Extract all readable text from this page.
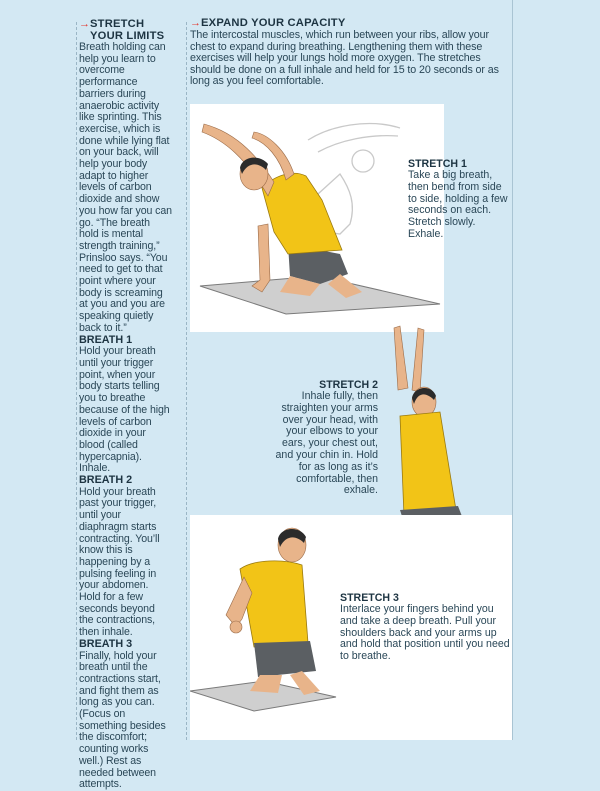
→ STRETCH YOUR LIMITS

Breath holding can help you learn to overcome performance barriers during anaerobic activity like sprinting. This exercise, which is done while lying flat on your back, will help your body adapt to higher levels of carbon dioxide and show you how far you can go. “The breath hold is mental strength training,” Prinsloo says. “You need to get to that point where your body is screaming at you and you are speaking quietly back to it.”

BREATH 1

Hold your breath until your trigger point, when your body starts telling you to breathe because of the high levels of carbon dioxide in your blood (called hypercapnia). Inhale.

BREATH 2

Hold your breath past your trigger, until your diaphragm starts contracting. You’ll know this is happening by a pulsing feeling in your abdomen. Hold for a few seconds beyond the contractions, then inhale.

BREATH 3

Finally, hold your breath until the contractions start, and fight them as long as you can. (Focus on something besides the discomfort; counting works well.) Rest as needed between attempts.

→ EXPAND YOUR CAPACITY

The intercostal muscles, which run between your ribs, allow your chest to expand during breathing. Lengthening them with these exercises will help your lungs hold more oxygen. The stretches should be done on a full inhale and held for 15 to 20 seconds or as long as you feel comfortable.

STRETCH 1
Take a big breath, then bend from side to side, holding a few seconds on each. Stretch slowly. Exhale.
STRETCH 2
Inhale fully, then straighten your arms over your head, with your elbows to your ears, your chest out, and your chin in. Hold for as long as it’s comfortable, then exhale.
STRETCH 3
Interlace your fingers behind you and take a deep breath. Pull your shoulders back and your arms up and hold that position until you need to breathe.
